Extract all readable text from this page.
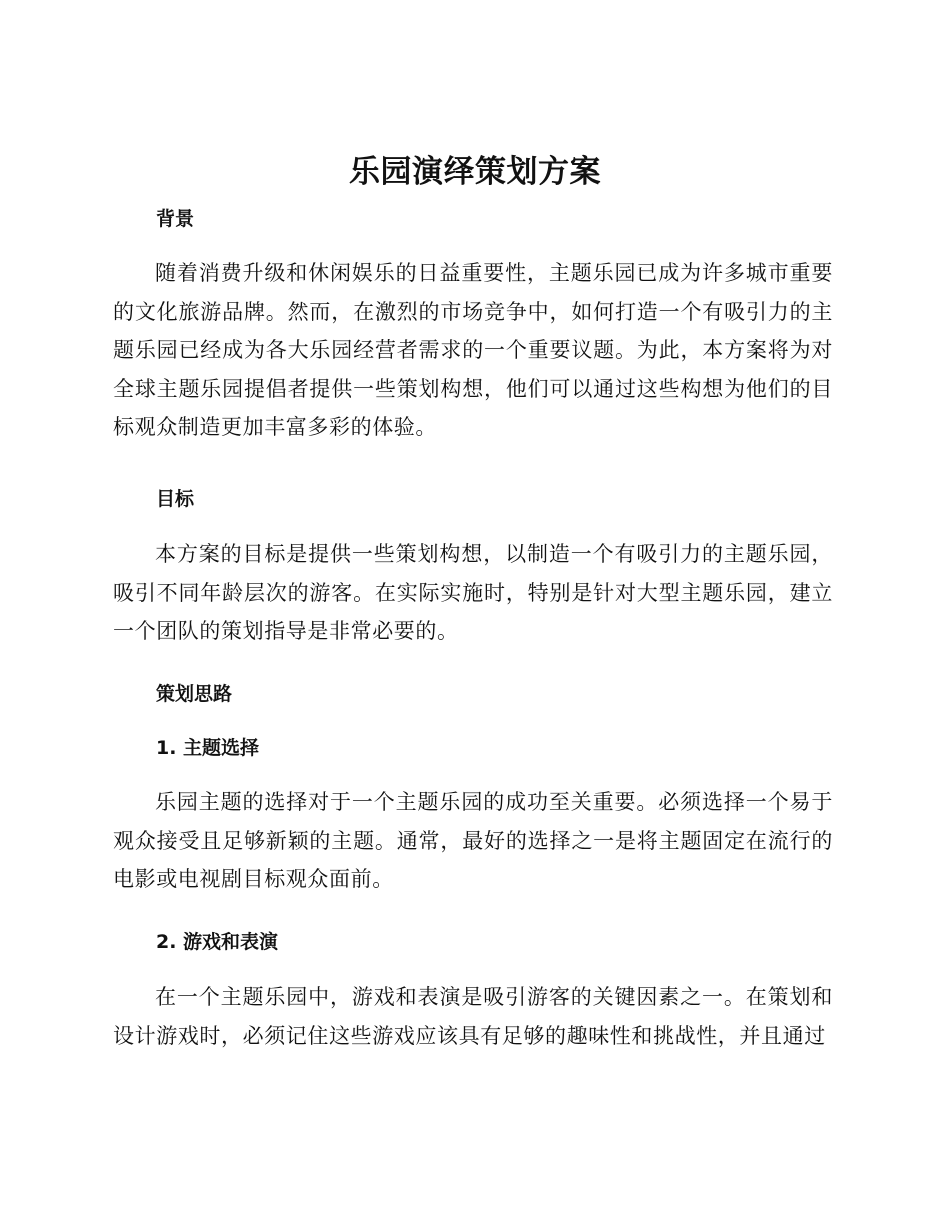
乐园演绎策划方案
背景

随着消费升级和休闲娱乐的日益重要性，主题乐园已成为许多城市重要的文化旅游品牌。然而，在激烈的市场竞争中，如何打造一个有吸引力的主题乐园已经成为各大乐园经营者需求的一个重要议题。为此，本方案将为对全球主题乐园提倡者提供一些策划构想，他们可以通过这些构想为他们的目标观众制造更加丰富多彩的体验。

目标

本方案的目标是提供一些策划构想，以制造一个有吸引力的主题乐园，吸引不同年龄层次的游客。在实际实施时，特别是针对大型主题乐园，建立一个团队的策划指导是非常必要的。

策划思路
1. 主题选择

乐园主题的选择对于一个主题乐园的成功至关重要。必须选择一个易于观众接受且足够新颖的主题。通常，最好的选择之一是将主题固定在流行的电影或电视剧目标观众面前。

2. 游戏和表演

在一个主题乐园中，游戏和表演是吸引游客的关键因素之一。在策划和设计游戏时，必须记住这些游戏应该具有足够的趣味性和挑战性，并且通过
